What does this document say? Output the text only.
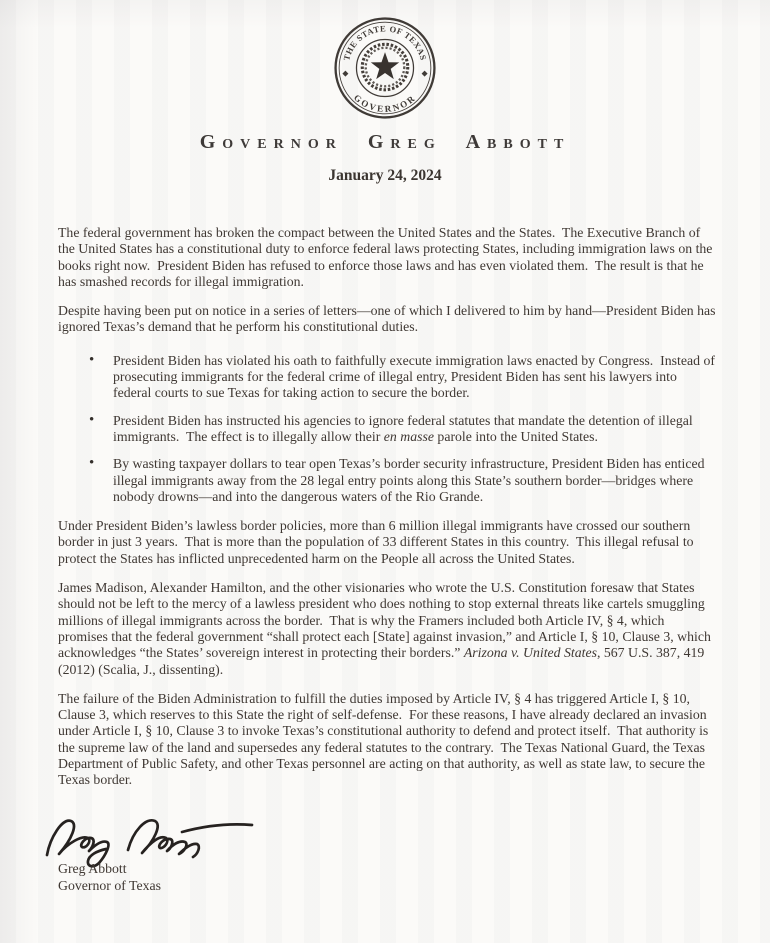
THE STATE OF TEXAS
GOVERNOR
Governor Greg Abbott
January 24, 2024

The federal government has broken the compact between the United States and the States.  The Executive Branch of the United States has a constitutional duty to enforce federal laws protecting States, including immigration laws on the books right now.  President Biden has refused to enforce those laws and has even violated them.  The result is that he has smashed records for illegal immigration.

Despite having been put on notice in a series of letters—one of which I delivered to him by hand—President Biden has ignored Texas’s demand that he perform his constitutional duties.

• President Biden has violated his oath to faithfully execute immigration laws enacted by Congress.  Instead of prosecuting immigrants for the federal crime of illegal entry, President Biden has sent his lawyers into federal courts to sue Texas for taking action to secure the border.
• President Biden has instructed his agencies to ignore federal statutes that mandate the detention of illegal immigrants.  The effect is to illegally allow their en masse parole into the United States.
• By wasting taxpayer dollars to tear open Texas’s border security infrastructure, President Biden has enticed illegal immigrants away from the 28 legal entry points along this State’s southern border—bridges where nobody drowns—and into the dangerous waters of the Rio Grande.

Under President Biden’s lawless border policies, more than 6 million illegal immigrants have crossed our southern border in just 3 years.  That is more than the population of 33 different States in this country.  This illegal refusal to protect the States has inflicted unprecedented harm on the People all across the United States.

James Madison, Alexander Hamilton, and the other visionaries who wrote the U.S. Constitution foresaw that States should not be left to the mercy of a lawless president who does nothing to stop external threats like cartels smuggling millions of illegal immigrants across the border.  That is why the Framers included both Article IV, § 4, which promises that the federal government “shall protect each [State] against invasion,” and Article I, § 10, Clause 3, which acknowledges “the States’ sovereign interest in protecting their borders.” Arizona v. United States, 567 U.S. 387, 419 (2012) (Scalia, J., dissenting).

The failure of the Biden Administration to fulfill the duties imposed by Article IV, § 4 has triggered Article I, § 10, Clause 3, which reserves to this State the right of self-defense.  For these reasons, I have already declared an invasion under Article I, § 10, Clause 3 to invoke Texas’s constitutional authority to defend and protect itself.  That authority is the supreme law of the land and supersedes any federal statutes to the contrary.  The Texas National Guard, the Texas Department of Public Safety, and other Texas personnel are acting on that authority, as well as state law, to secure the Texas border.

Greg Abbott
Governor of Texas
